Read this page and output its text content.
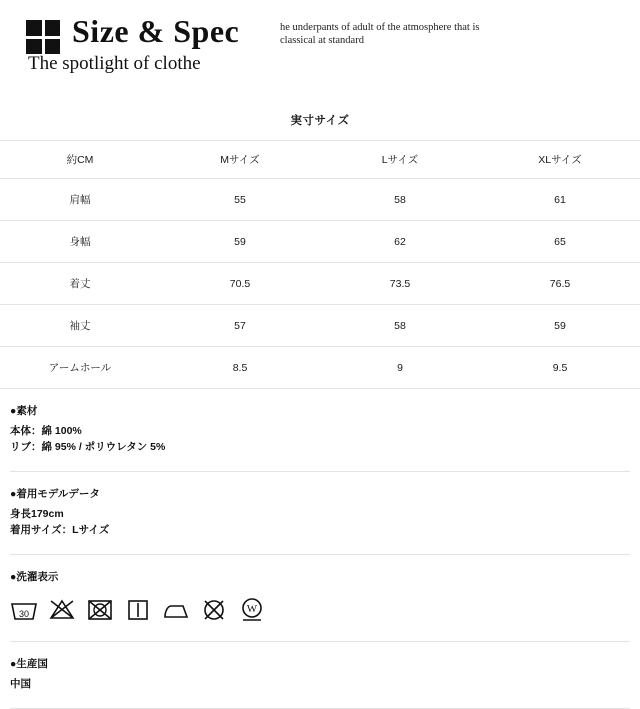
Size & Spec
The spotlight of clothe
he underpants of adult of the atmosphere that is classical at standard
実寸サイズ
約CM	Mサイズ	Lサイズ	XLサイズ
肩幅	55	58	61
身幅	59	62	65
着丈	70.5	73.5	76.5
袖丈	57	58	59
アームホール	8.5	9	9.5
●素材
本体：綿 100%
リブ：綿 95% / ポリウレタン 5%
●着用モデルデータ
身長179cm
着用サイズ：Lサイズ
●洗濯表示
30	W
●生産国
中国
